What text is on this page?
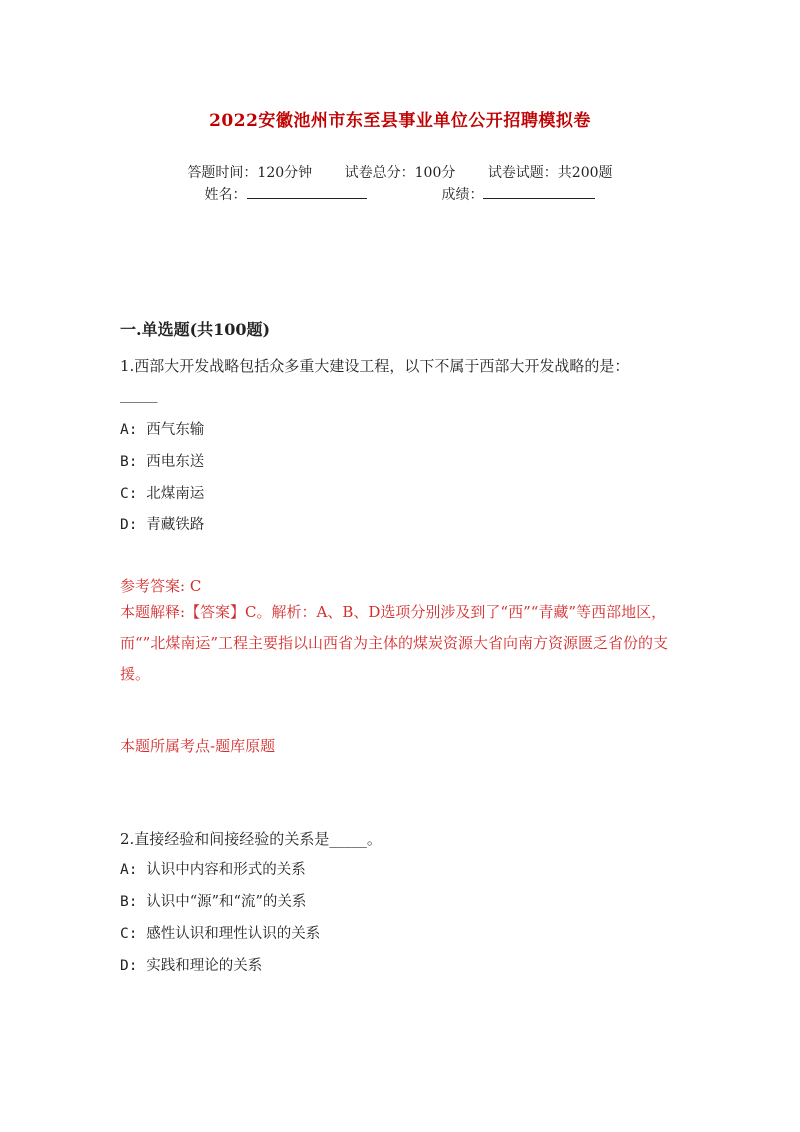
2022安徽池州市东至县事业单位公开招聘模拟卷
答题时间：120分钟 试卷总分：100分 试卷试题：共200题
姓名：	成绩：
一.单选题(共100题)
1.西部大开发战略包括众多重大建设工程，以下不属于西部大开发战略的是：
_____
A: 西气东输
B: 西电东送
C: 北煤南运
D: 青藏铁路
参考答案: C
本题解释:【答案】C。解析：A、B、D选项分别涉及到了“西”“青藏”等西部地区，而“”北煤南运”工程主要指以山西省为主体的煤炭资源大省向南方资源匮乏省份的支援。
本题所属考点-题库原题
2.直接经验和间接经验的关系是_____。
A: 认识中内容和形式的关系
B: 认识中“源”和“流”的关系
C: 感性认识和理性认识的关系
D: 实践和理论的关系
